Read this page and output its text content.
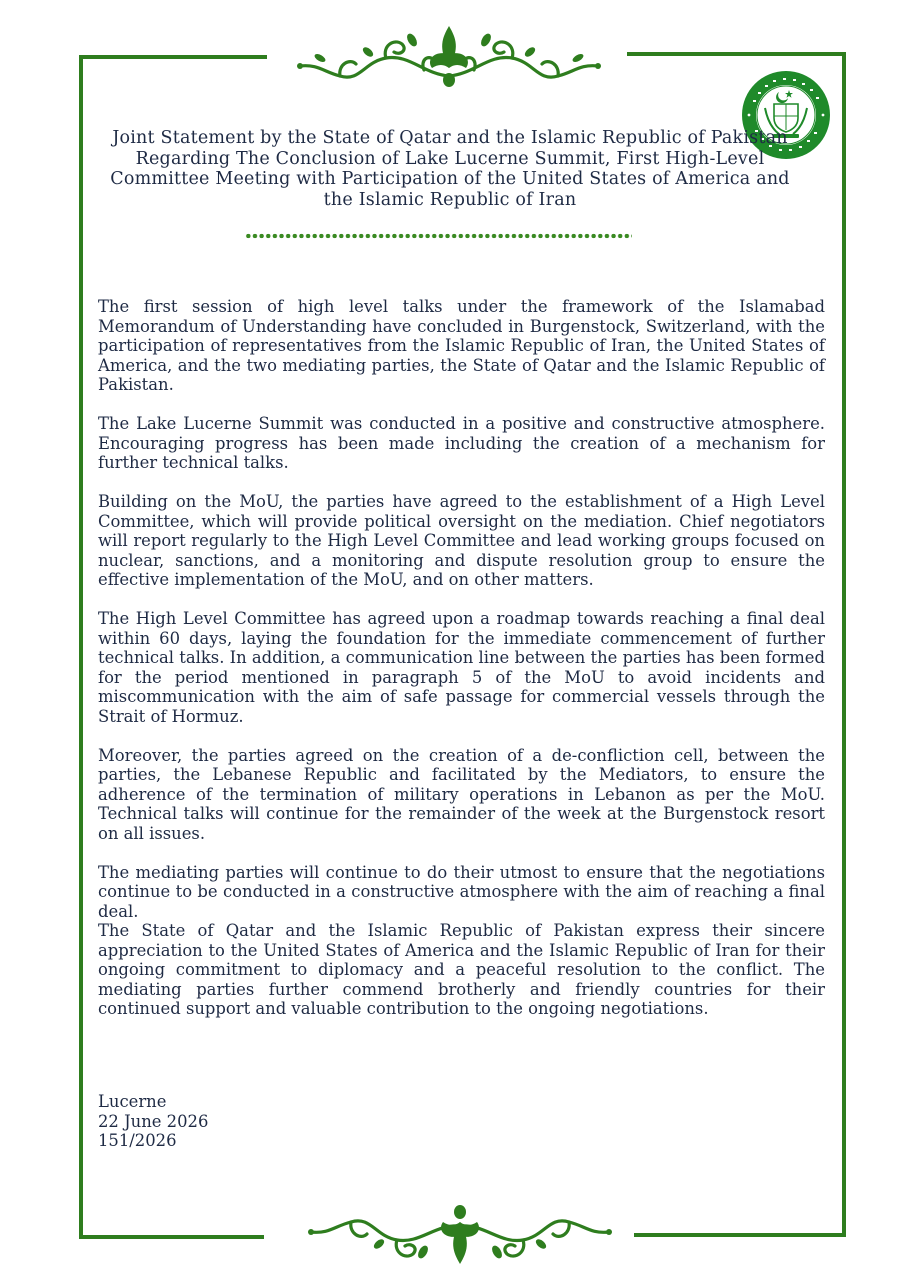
Joint Statement by the State of Qatar and the Islamic Republic of Pakistan Regarding The Conclusion of Lake Lucerne Summit, First High-Level Committee Meeting with Participation of the United States of America and the Islamic Republic of Iran

The first session of high level talks under the framework of the Islamabad Memorandum of Understanding have concluded in Burgenstock, Switzerland, with the participation of representatives from the Islamic Republic of Iran, the United States of America, and the two mediating parties, the State of Qatar and the Islamic Republic of Pakistan.

The Lake Lucerne Summit was conducted in a positive and constructive atmosphere. Encouraging progress has been made including the creation of a mechanism for further technical talks.

Building on the MoU, the parties have agreed to the establishment of a High Level Committee, which will provide political oversight on the mediation. Chief negotiators will report regularly to the High Level Committee and lead working groups focused on nuclear, sanctions, and a monitoring and dispute resolution group to ensure the effective implementation of the MoU, and on other matters.

The High Level Committee has agreed upon a roadmap towards reaching a final deal within 60 days, laying the foundation for the immediate commencement of further technical talks. In addition, a communication line between the parties has been formed for the period mentioned in paragraph 5 of the MoU to avoid incidents and miscommunication with the aim of safe passage for commercial vessels through the Strait of Hormuz.

Moreover, the parties agreed on the creation of a de-confliction cell, between the parties, the Lebanese Republic and facilitated by the Mediators, to ensure the adherence of the termination of military operations in Lebanon as per the MoU. Technical talks will continue for the remainder of the week at the Burgenstock resort on all issues.

The mediating parties will continue to do their utmost to ensure that the negotiations continue to be conducted in a constructive atmosphere with the aim of reaching a final deal.

The State of Qatar and the Islamic Republic of Pakistan express their sincere appreciation to the United States of America and the Islamic Republic of Iran for their ongoing commitment to diplomacy and a peaceful resolution to the conflict. The mediating parties further commend brotherly and friendly countries for their continued support and valuable contribution to the ongoing negotiations.

Lucerne
22 June 2026
151/2026
